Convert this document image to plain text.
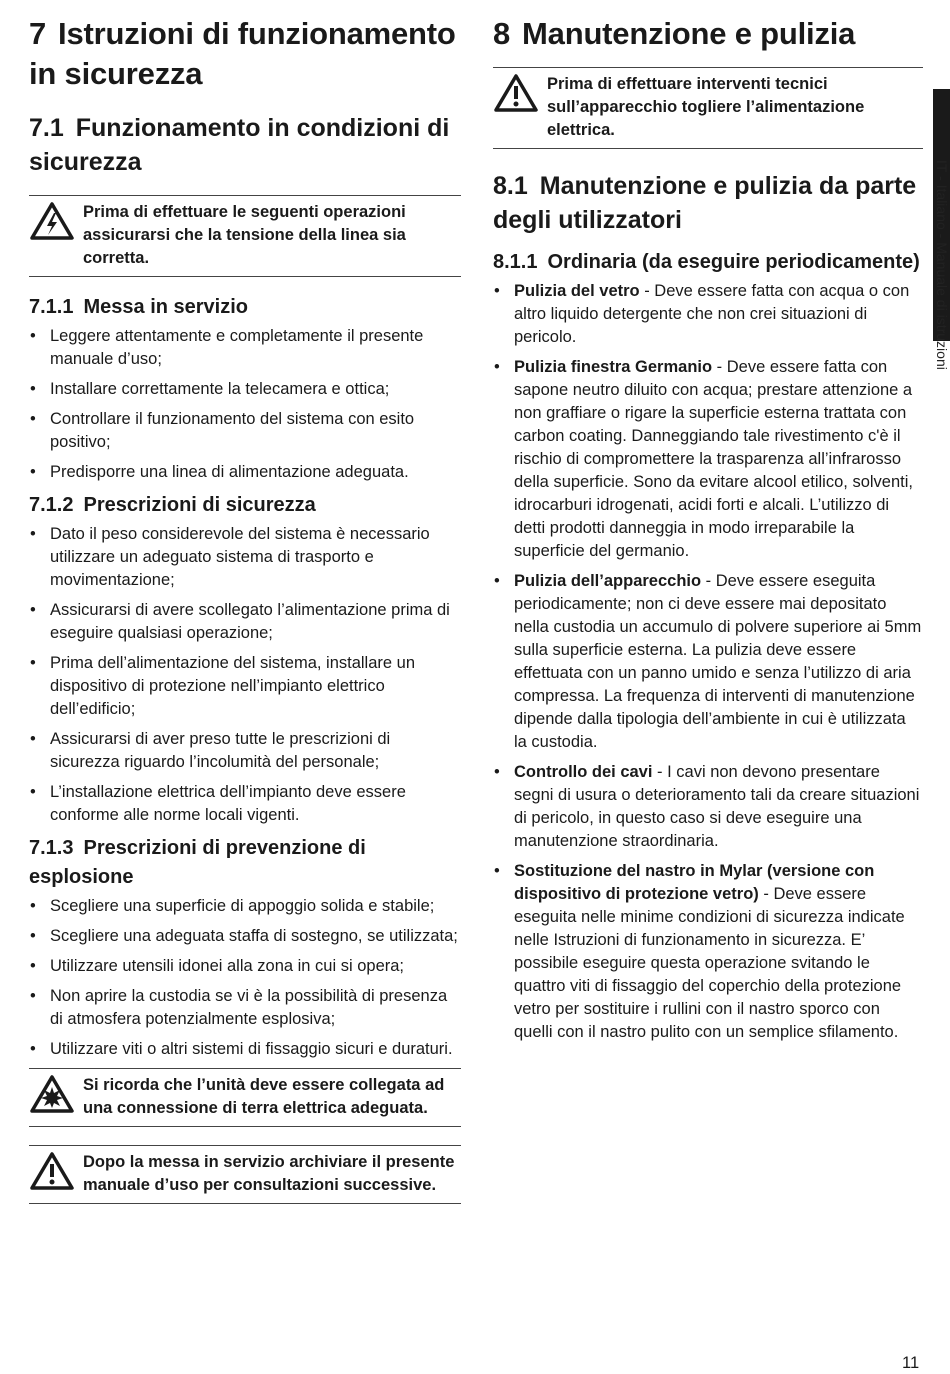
7 Istruzioni di funzionamento in sicurezza
7.1 Funzionamento in condizioni di sicurezza
Prima di effettuare le seguenti operazioni assicurarsi che la tensione della linea sia corretta.
7.1.1 Messa in servizio
• Leggere attentamente e completamente il presente manuale d’uso;
• Installare correttamente la telecamera e ottica;
• Controllare il funzionamento del sistema con esito positivo;
• Predisporre una linea di alimentazione adeguata.
7.1.2 Prescrizioni di sicurezza
• Dato il peso considerevole del sistema è necessario utilizzare un adeguato sistema di trasporto e movimentazione;
• Assicurarsi di avere scollegato l’alimentazione prima di eseguire qualsiasi operazione;
• Prima dell’alimentazione del sistema, installare un dispositivo di protezione nell’impianto elettrico dell’edificio;
• Assicurarsi di aver preso tutte le prescrizioni di sicurezza riguardo l’incolumità del personale;
• L’installazione elettrica dell’impianto deve essere conforme alle norme locali vigenti.
7.1.3 Prescrizioni di prevenzione di esplosione
• Scegliere una superficie di appoggio solida e stabile;
• Scegliere una adeguata staffa di sostegno, se utilizzata;
• Utilizzare utensili idonei alla zona in cui si opera;
• Non aprire la custodia se vi è la possibilità di presenza di atmosfera potenzialmente esplosiva;
• Utilizzare viti o altri sistemi di fissaggio sicuri e duraturi.
Si ricorda che l’unità deve essere collegata ad una connessione di terra elettrica adeguata.
Dopo la messa in servizio archiviare il presente manuale d’uso per consultazioni successive.
8 Manutenzione e pulizia
Prima di effettuare interventi tecnici sull’apparecchio togliere l’alimentazione elettrica.
8.1 Manutenzione e pulizia da parte degli utilizzatori
8.1.1 Ordinaria (da eseguire periodicamente)
• Pulizia del vetro - Deve essere fatta con acqua o con altro liquido detergente che non crei situazioni di pericolo.
• Pulizia finestra Germanio - Deve essere fatta con sapone neutro diluito con acqua; prestare attenzione a non graffiare o rigare la superficie esterna trattata con carbon coating. Danneggiando tale rivestimento c'è il rischio di compromettere la trasparenza all’infrarosso della superficie. Sono da evitare alcool etilico, solventi, idrocarburi idrogenati, acidi forti e alcali. L’utilizzo di detti prodotti danneggia in modo irreparabile la superficie del germanio.
• Pulizia dell’apparecchio - Deve essere eseguita periodicamente; non ci deve essere mai depositato nella custodia un accumulo di polvere superiore ai 5mm sulla superficie esterna. La pulizia deve essere effettuata con un panno umido e senza l’utilizzo di aria compressa. La frequenza di interventi di manutenzione dipende dalla tipologia dell’ambiente in cui è utilizzata la custodia.
• Controllo dei cavi - I cavi non devono presentare segni di usura o deterioramento tali da creare situazioni di pericolo, in questo caso si deve eseguire una manutenzione straordinaria.
• Sostituzione del nastro in Mylar (versione con dispositivo di protezione vetro) - Deve essere eseguita nelle minime condizioni di sicurezza indicate nelle Istruzioni di funzionamento in sicurezza. E’ possibile eseguire questa operazione svitando le quattro viti di fissaggio del coperchio della protezione vetro per sostituire i rullini con il nastro sporco con quelli con il nastro pulito con un semplice sfilamento.
IT - Italiano - Manuale di istruzioni
11
